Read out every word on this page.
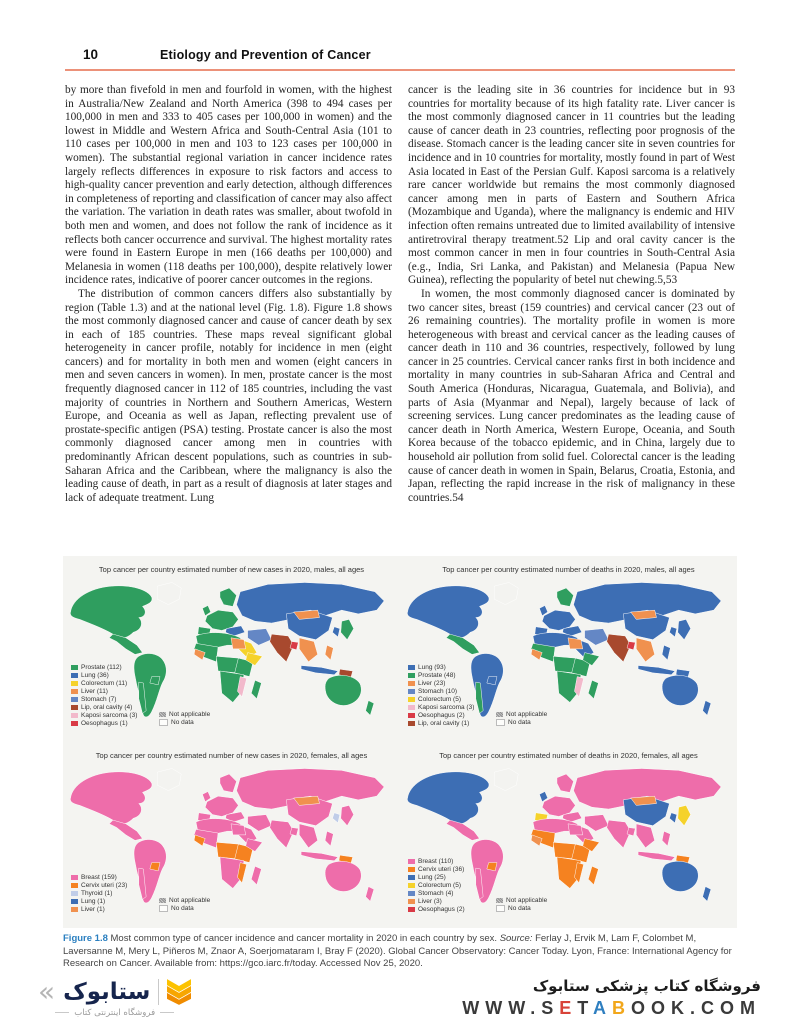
10	Etiology and Prevention of Cancer

by more than fivefold in men and fourfold in women, with the highest in Australia/New Zealand and North America (398 to 494 cases per 100,000 in men and 333 to 405 cases per 100,000 in women) and the lowest in Middle and Western Africa and South-Central Asia (101 to 110 cases per 100,000 in men and 103 to 123 cases per 100,000 in women). The substantial regional variation in cancer incidence rates largely reflects differences in exposure to risk factors and access to high-quality cancer prevention and early detection, although differences in completeness of reporting and classification of cancer may also affect the variation. The variation in death rates was smaller, about twofold in both men and women, and does not follow the rank of incidence as it reflects both cancer occurrence and survival. The highest mortality rates were found in Eastern Europe in men (166 deaths per 100,000) and Melanesia in women (118 deaths per 100,000), despite relatively lower incidence rates, indicative of poorer cancer outcomes in the regions.

The distribution of common cancers differs also substantially by region (Table 1.3) and at the national level (Fig. 1.8). Figure 1.8 shows the most commonly diagnosed cancer and cause of cancer death by sex in each of 185 countries. These maps reveal significant global heterogeneity in cancer profile, notably for incidence in men (eight cancers) and for mortality in both men and women (eight cancers in men and seven cancers in women). In men, prostate cancer is the most frequently diagnosed cancer in 112 of 185 countries, including the vast majority of countries in Northern and Southern Americas, Western Europe, and Oceania as well as Japan, reflecting prevalent use of prostate-specific antigen (PSA) testing. Prostate cancer is also the most commonly diagnosed cancer among men in countries with predominantly African descent populations, such as countries in sub-Saharan Africa and the Caribbean, where the malignancy is also the leading cause of death, in part as a result of diagnosis at later stages and lack of adequate treatment. Lung

cancer is the leading site in 36 countries for incidence but in 93 countries for mortality because of its high fatality rate. Liver cancer is the most commonly diagnosed cancer in 11 countries but the leading cause of cancer death in 23 countries, reflecting poor prognosis of the disease. Stomach cancer is the leading cancer site in seven countries for incidence and in 10 countries for mortality, mostly found in part of West Asia located in East of the Persian Gulf. Kaposi sarcoma is a relatively rare cancer worldwide but remains the most commonly diagnosed cancer among men in parts of Eastern and Southern Africa (Mozambique and Uganda), where the malignancy is endemic and HIV infection often remains untreated due to limited availability of intensive antiretroviral therapy treatment.52 Lip and oral cavity cancer is the most common cancer in men in four countries in South-Central Asia (e.g., India, Sri Lanka, and Pakistan) and Melanesia (Papua New Guinea), reflecting the popularity of betel nut chewing.5,53

In women, the most commonly diagnosed cancer is dominated by two cancer sites, breast (159 countries) and cervical cancer (23 out of 26 remaining countries). The mortality profile in women is more heterogeneous with breast and cervical cancer as the leading causes of cancer death in 110 and 36 countries, respectively, followed by lung cancer in 25 countries. Cervical cancer ranks first in both incidence and mortality in many countries in sub-Saharan Africa and Central and South America (Honduras, Nicaragua, Guatemala, and Bolivia), and parts of Asia (Myanmar and Nepal), largely because of lack of screening services. Lung cancer predominates as the leading cause of cancer death in North America, Western Europe, Oceania, and South Korea because of the tobacco epidemic, and in China, largely due to household air pollution from solid fuel. Colorectal cancer is the leading cause of cancer death in women in Spain, Belarus, Croatia, Estonia, and Japan, reflecting the rapid increase in the risk of malignancy in these countries.54

Top cancer per country estimated number of new cases in 2020, males, all ages
Prostate (112)
Lung (36)
Colorectum (11)
Liver (11)
Stomach (7)
Lip, oral cavity (4)
Kaposi sarcoma (3)
Oesophagus (1)
Not applicable
No data
Top cancer per country estimated number of deaths in 2020, males, all ages
Lung (93)
Prostate (48)
Liver (23)
Stomach (10)
Colorectum (5)
Kaposi sarcoma (3)
Oesophagus (2)
Lip, oral cavity (1)
Not applicable
No data
Top cancer per country estimated number of new cases in 2020, females, all ages
Breast (159)
Cervix uteri (23)
Thyroid (1)
Lung (1)
Liver (1)
Not applicable
No data
Top cancer per country estimated number of deaths in 2020, females, all ages
Breast (110)
Cervix uteri (36)
Lung (25)
Colorectum (5)
Stomach (4)
Liver (3)
Oesophagus (2)
Not applicable
No data
Figure 1.8 Most common type of cancer incidence and cancer mortality in 2020 in each country by sex. Source: Ferlay J, Ervik M, Lam F, Colombet M, Laversanne M, Mery L, Piñeros M, Znaor A, Soerjomataram I, Bray F (2020). Global Cancer Observatory: Cancer Today. Lyon, France: International Agency for Research on Cancer. Available from: https://gco.iarc.fr/today. Accessed Nov 25, 2020.
« ستابوک
فروشگاه اینترنتی کتاب
فروشگاه کتاب پزشکی ستابوک
WWW.SETABOOK.COM
